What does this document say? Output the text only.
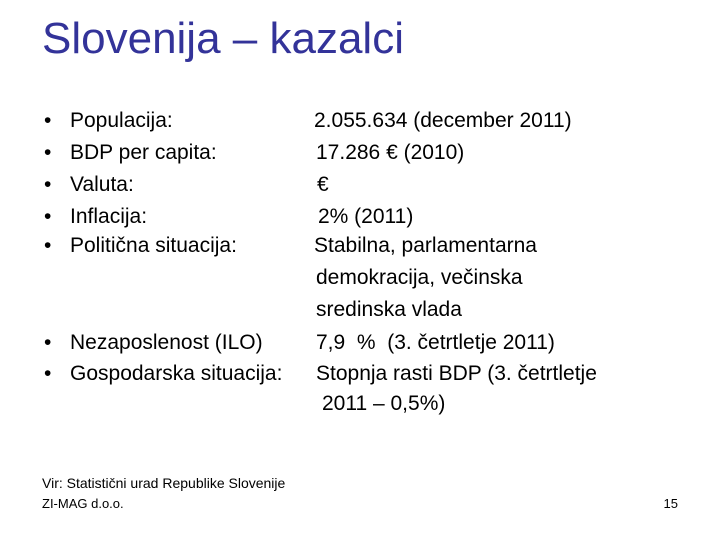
Slovenija – kazalci
• Populacija:	2.055.634 (december 2011)
• BDP per capita:	17.286 € (2010)
• Valuta:	€
• Inflacija:	2% (2011)
• Politična situacija:	Stabilna, parlamentarna
demokracija, večinska
sredinska vlada
• Nezaposlenost (ILO)	7,9  %  (3. četrtletje 2011)
• Gospodarska situacija: Stopnja rasti BDP (3. četrtletje
2011 – 0,5%)
Vir: Statistični urad Republike Slovenije
ZI-MAG d.o.o.	15
